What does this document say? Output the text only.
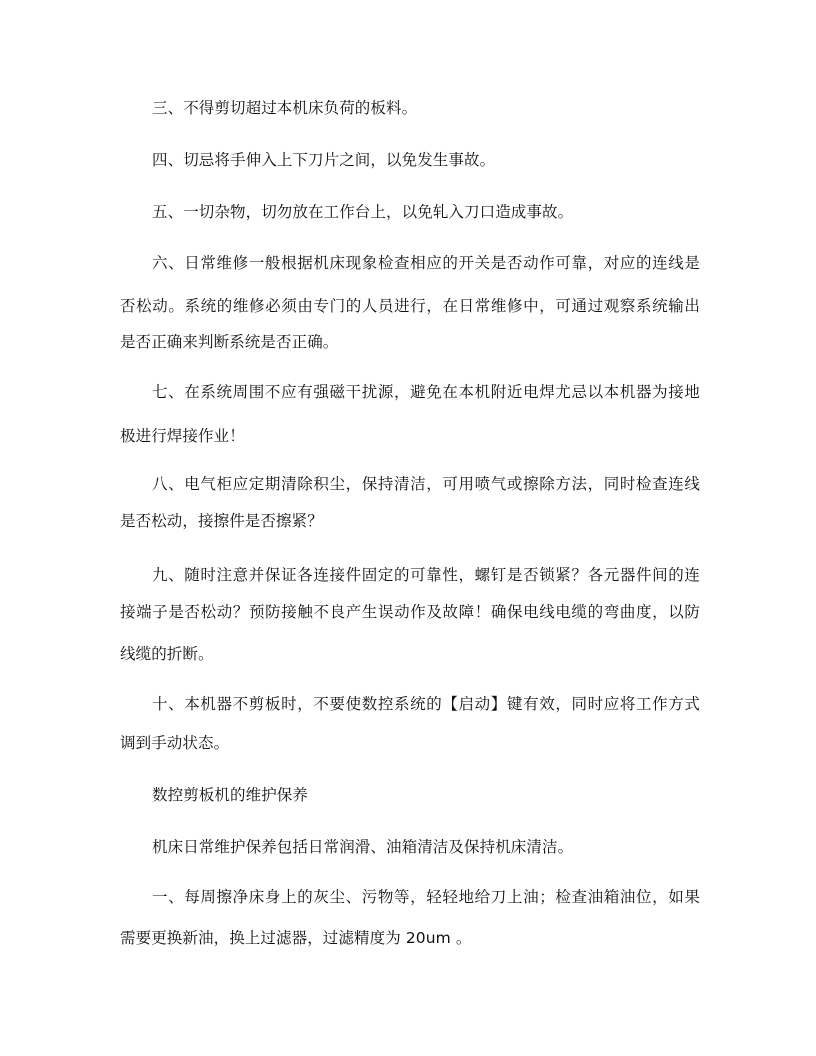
三、不得剪切超过本机床负荷的板料。
四、切忌将手伸入上下刀片之间，以免发生事故。
五、一切杂物，切勿放在工作台上，以免轧入刀口造成事故。
六、日常维修一般根据机床现象检查相应的开关是否动作可靠，对应的连线是
否松动。系统的维修必须由专门的人员进行，在日常维修中，可通过观察系统输出
是否正确来判断系统是否正确。
七、在系统周围不应有强磁干扰源，避免在本机附近电焊尤忌以本机器为接地
极进行焊接作业！
八、电气柜应定期清除积尘，保持清洁，可用喷气或擦除方法，同时检查连线
是否松动，接擦件是否擦紧？
九、随时注意并保证各连接件固定的可靠性，螺钉是否锁紧？各元器件间的连
接端子是否松动？预防接触不良产生误动作及故障！确保电线电缆的弯曲度，以防
线缆的折断。
十、本机器不剪板时，不要使数控系统的【启动】键有效，同时应将工作方式
调到手动状态。
数控剪板机的维护保养
机床日常维护保养包括日常润滑、油箱清洁及保持机床清洁。
一、每周擦净床身上的灰尘、污物等，轻轻地给刀上油；检查油箱油位，如果
需要更换新油，换上过滤器，过滤精度为 20um 。
